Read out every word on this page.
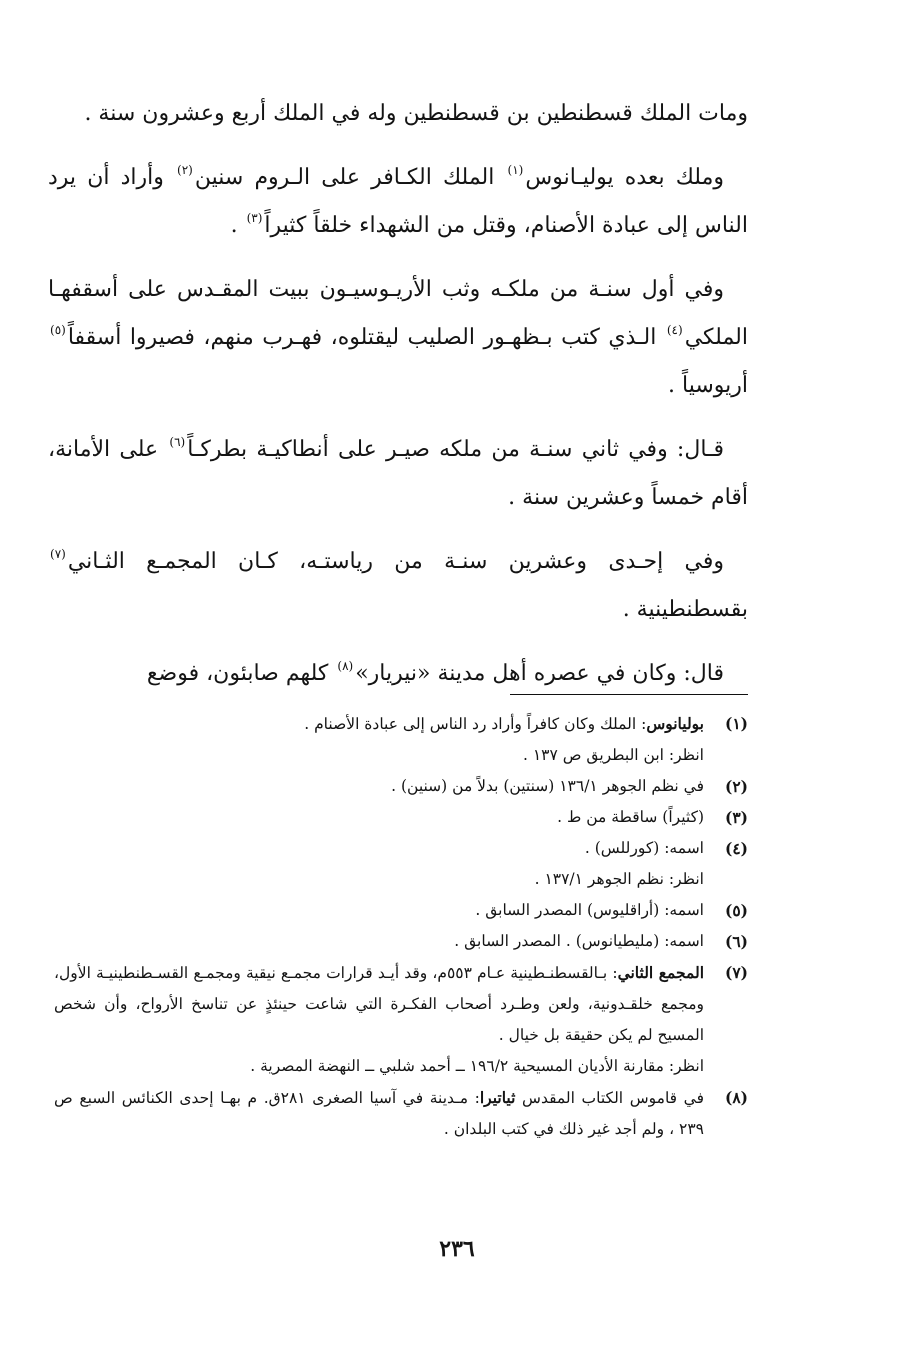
ومات الملك قسطنطين بن قسطنطين وله في الملك أربع وعشرون سنة .

وملك بعده يوليـانوس$^{(١)}$ الملك الكـافر على الـروم سنين$^{(٢)}$ وأراد أن يرد الناس إلى عبادة الأصنام، وقتل من الشهداء خلقاً كثيراً$^{(٣)}$ .

وفي أول سنـة من ملكـه وثب الأريـوسيـون ببيت المقـدس على أسقفهـا الملكي$^{(٤)}$ الـذي كتب بـظهـور الصليب ليقتلوه، فهـرب منهم، فصيروا أسقفاً$^{(٥)}$ أريوسياً .

قـال: وفي ثاني سنـة من ملكه صيـر على أنطاكيـة بطركـاً$^{(٦)}$ على الأمانة، أقام خمساً وعشرين سنة .

وفي إحـدى وعشرين سنـة من رياستـه، كـان المجمـع الثـاني$^{(٧)}$ بقسطنطينية .

قال: وكان في عصره أهل مدينة «نيريار»$^{(٨)}$ كلهم صابئون، فوضع

(١)
بوليانوس: الملك وكان كافراً وأراد رد الناس إلى عبادة الأصنام .
انظر: ابن البطريق ص ١٣٧ .
(٢)
في نظم الجوهر ١٣٦/١ (سنتين) بدلاً من (سنين) .
(٣)
(كثيراً) ساقطة من ط .
(٤)
اسمه: (كورللس) .
انظر: نظم الجوهر ١٣٧/١ .
(٥)
اسمه: (أراقليوس) المصدر السابق .
(٦)
اسمه: (مليطيانوس) . المصدر السابق .
(٧)
المجمع الثاني: بـالقسطنـطينية عـام ٥٥٣م، وقد أيـد قرارات مجمـع نيقية ومجمـع القسـطنطينيـة الأول، ومجمع خلقـدونية، ولعن وطـرد أصحاب الفكـرة التي شاعت حينئذٍ عن تناسخ الأرواح، وأن شخص المسيح لم يكن حقيقة بل خيال .
انظر: مقارنة الأديان المسيحية ١٩٦/٢ ــ أحمد شلبي ــ النهضة المصرية .
(٨)
في قاموس الكتاب المقدس ثياتيرا: مـدينة في آسيا الصغرى ٢٨١ق. م بهـا إحدى الكنائس السبع ص ٢٣٩ ، ولم أجد غير ذلك في كتب البلدان .
٢٣٦
